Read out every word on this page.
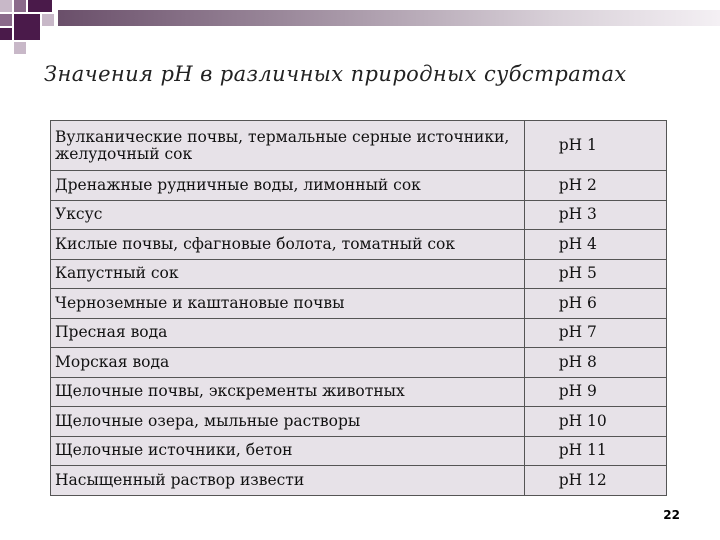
Значения pH в различных природных субстратах
Вулканические почвы, термальные серные источники, желудочный сок	pH 1
Дренажные рудничные воды, лимонный сок	pH 2
Уксус	pH 3
Кислые почвы, сфагновые болота, томатный сок	pH 4
Капустный сок	pH 5
Черноземные и каштановые почвы	pH 6
Пресная вода	pH 7
Морская вода	pH 8
Щелочные почвы, экскременты животных	pH 9
Щелочные озера, мыльные растворы	pH 10
Щелочные источники, бетон	pH 11
Насыщенный раствор извести	pH 12
22
